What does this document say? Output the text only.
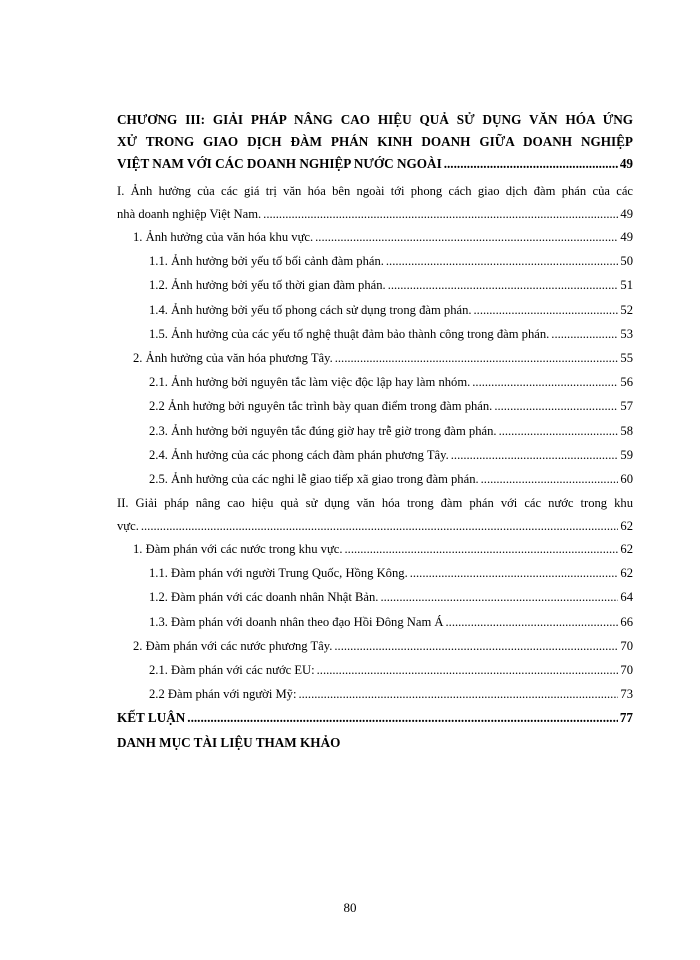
CHƯƠNG III: GIẢI PHÁP NÂNG CAO HIỆU QUẢ SỬ DỤNG VĂN HÓA ỨNG
XỬ TRONG GIAO DỊCH ĐÀM PHÁN KINH DOANH GIỮA DOANH NGHIỆP
VIỆT NAM VỚI CÁC DOANH NGHIỆP NƯỚC NGOÀI .....	49
I. Ảnh hưởng của các giá trị văn hóa bên ngoài tới phong cách giao dịch đàm phán của các
nhà doanh nghiệp Việt Nam. .....	49
1. Ảnh hưởng của văn hóa khu vực. .....	49
1.1. Ảnh hưởng bởi yếu tố bối cảnh đàm phán. .....	50
1.2. Ảnh hưởng bởi yếu tố thời gian đàm phán. .....	51
1.4. Ảnh hưởng bởi yếu tố phong cách sử dụng trong đàm phán. .....	52
1.5. Ảnh hưởng của các yếu tố nghệ thuật đảm bảo thành công trong đàm phán. .....	53
2. Ảnh hưởng của văn hóa phương Tây. .....	55
2.1. Ảnh hưởng bởi nguyên tắc làm việc độc lập hay làm nhóm. .....	56
2.2 Ảnh hưởng bởi nguyên tắc trình bày quan điểm trong đàm phán. .....	57
2.3. Ảnh hưởng bởi nguyên tắc đúng giờ hay trễ giờ trong đàm phán. .....	58
2.4. Ảnh hưởng của các phong cách đàm phán phương Tây. .....	59
2.5. Ảnh hưởng của các nghi lễ giao tiếp xã giao trong đàm phán. .....	60
II. Giải pháp nâng cao hiệu quả sử dụng văn hóa trong đàm phán với các nước trong khu
vực. .....	62
1. Đàm phán với các nước trong khu vực. .....	62
1.1. Đàm phán với người Trung Quốc, Hồng Kông. .....	62
1.2. Đàm phán với các doanh nhân Nhật Bản. .....	64
1.3. Đàm phán với doanh nhân theo đạo Hồi Đông Nam Á .....	66
2. Đàm phán với các nước phương Tây. .....	70
2.1. Đàm phán với các nước EU: .....	70
2.2 Đàm phán với người Mỹ: .....	73
KẾT LUẬN .....	77
DANH MỤC TÀI LIỆU THAM KHẢO
80
